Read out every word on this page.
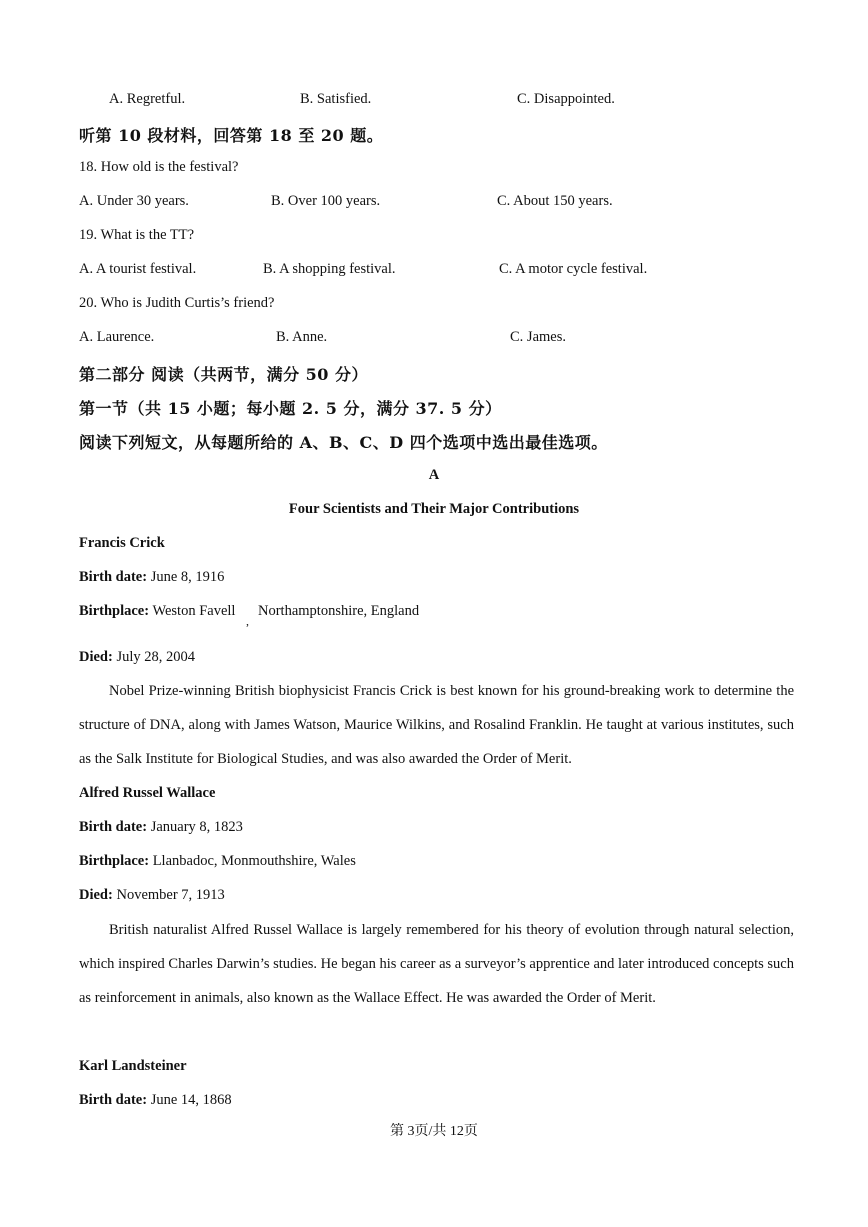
A. Regretful.	B. Satisfied.	C. Disappointed.
听第 10 段材料，回答第 18 至 20 题。
18. How old is the festival?
A. Under 30 years.	B. Over 100 years.	C. About 150 years.
19. What is the TT?
A. A tourist festival.	B. A shopping festival.	C. A motor cycle festival.
20. Who is Judith Curtis’s friend?
A. Laurence.	B. Anne.	C. James.
第二部分 阅读（共两节，满分 50 分）
第一节（共 15 小题；每小题 2. 5 分，满分 37. 5 分）
阅读下列短文，从每题所给的 A、B、C、D 四个选项中选出最佳选项。
A
Four Scientists and Their Major Contributions
Francis Crick
Birth date: June 8, 1916
Birthplace: Weston Favell
,
Northamptonshire, England
Died: July 28, 2004
Nobel Prize-winning British biophysicist Francis Crick is best known for his ground-breaking work to determine the structure of DNA, along with James Watson, Maurice Wilkins, and Rosalind Franklin. He taught at various institutes, such as the Salk Institute for Biological Studies, and was also awarded the Order of Merit.
Alfred Russel Wallace
Birth date: January 8, 1823
Birthplace: Llanbadoc, Monmouthshire, Wales
Died: November 7, 1913
British naturalist Alfred Russel Wallace is largely remembered for his theory of evolution through natural selection, which inspired Charles Darwin’s studies. He began his career as a surveyor’s apprentice and later introduced concepts such as reinforcement in animals, also known as the Wallace Effect. He was awarded the Order of Merit.
Karl Landsteiner
Birth date: June 14, 1868
第 3页/共 12页
